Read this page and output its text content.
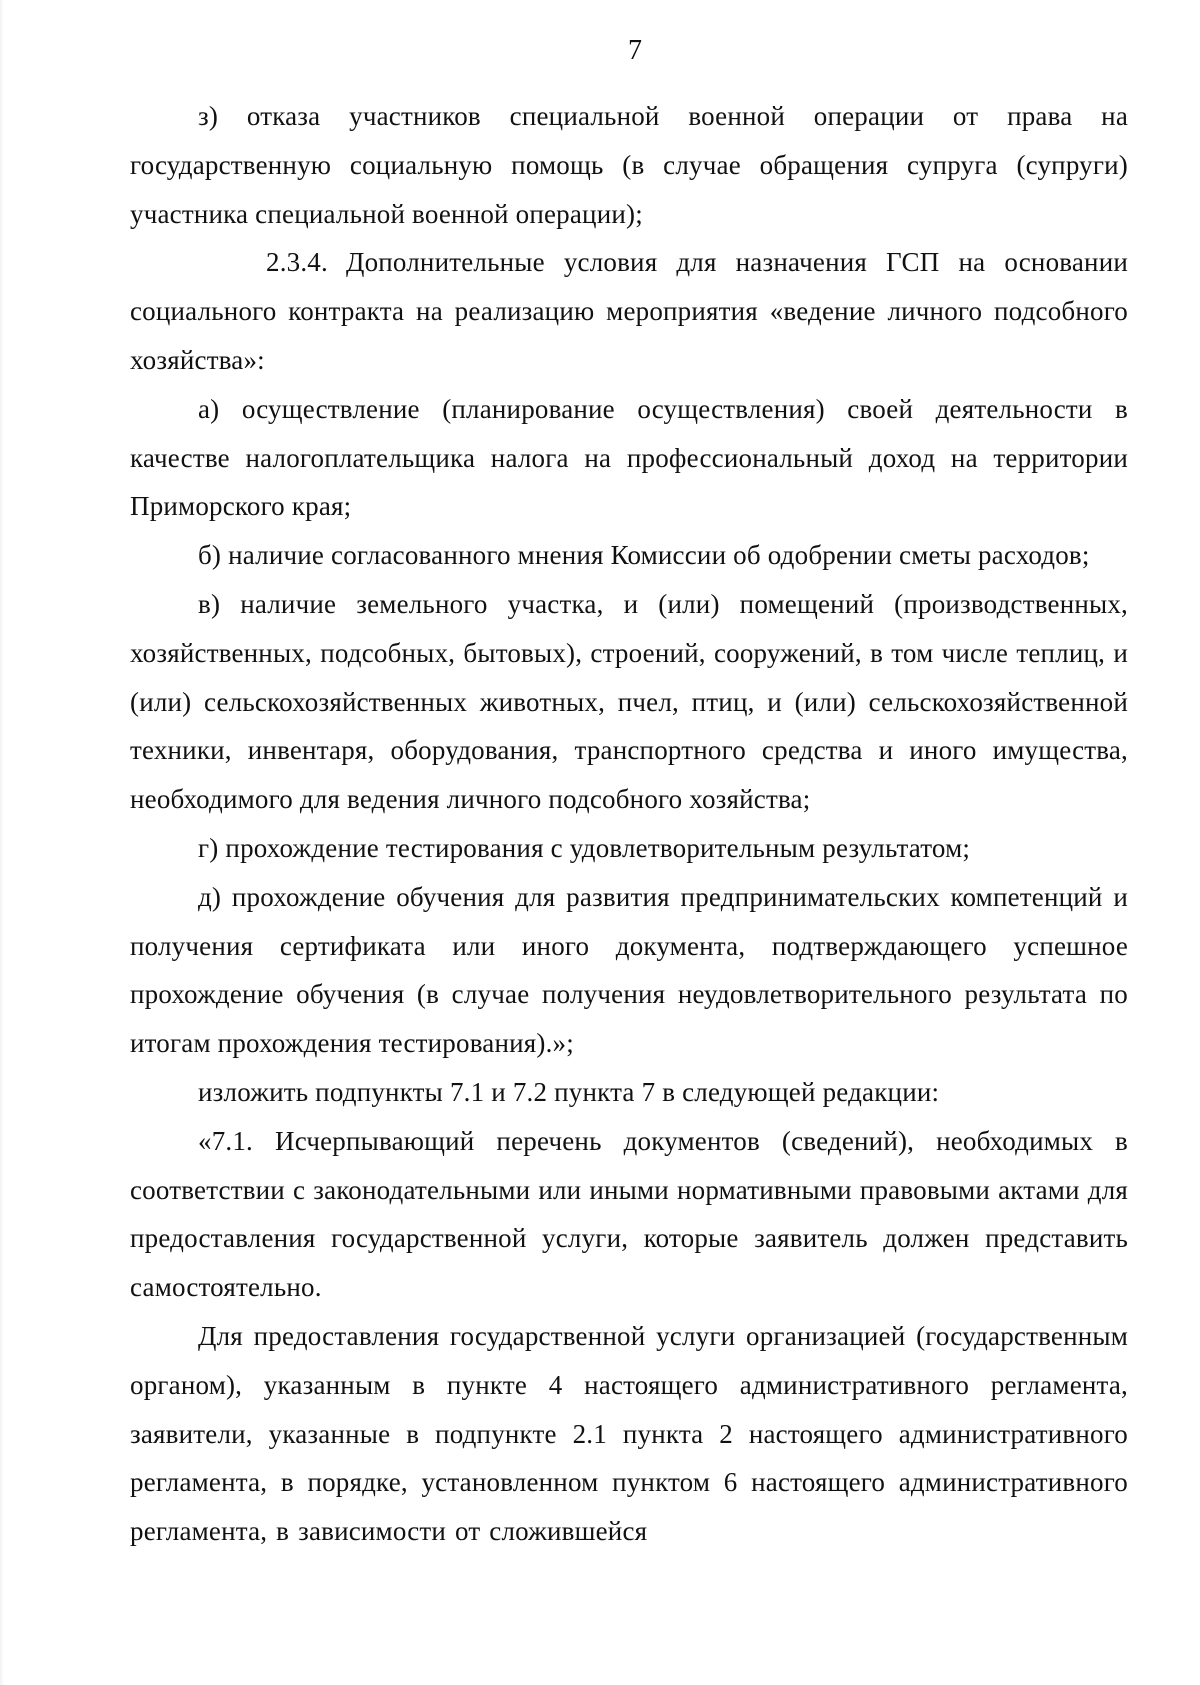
7

з) отказа участников специальной военной операции от права на государственную социальную помощь (в случае обращения супруга (супруги) участника специальной военной операции);

2.3.4. Дополнительные условия для назначения ГСП на основании социального контракта на реализацию мероприятия «ведение личного подсобного хозяйства»:

а) осуществление (планирование осуществления) своей деятельности в качестве налогоплательщика налога на профессиональный доход на территории Приморского края;

б) наличие согласованного мнения Комиссии об одобрении сметы расходов;

в) наличие земельного участка, и (или) помещений (производственных, хозяйственных, подсобных, бытовых), строений, сооружений, в том числе теплиц, и (или) сельскохозяйственных животных, пчел, птиц, и (или) сельскохозяйственной техники, инвентаря, оборудования, транспортного средства и иного имущества, необходимого для ведения личного подсобного хозяйства;

г) прохождение тестирования с удовлетворительным результатом;

д) прохождение обучения для развития предпринимательских компетенций и получения сертификата или иного документа, подтверждающего успешное прохождение обучения (в случае получения неудовлетворительного результата по итогам прохождения тестирования).»;

изложить подпункты 7.1 и 7.2 пункта 7 в следующей редакции:

«7.1. Исчерпывающий перечень документов (сведений), необходимых в соответствии с законодательными или иными нормативными правовыми актами для предоставления государственной услуги, которые заявитель должен представить самостоятельно.

Для предоставления государственной услуги организацией (государственным органом), указанным в пункте 4 настоящего административного регламента, заявители, указанные в подпункте 2.1 пункта 2 настоящего административного регламента, в порядке, установленном пунктом 6 настоящего административного регламента, в зависимости от сложившейся
